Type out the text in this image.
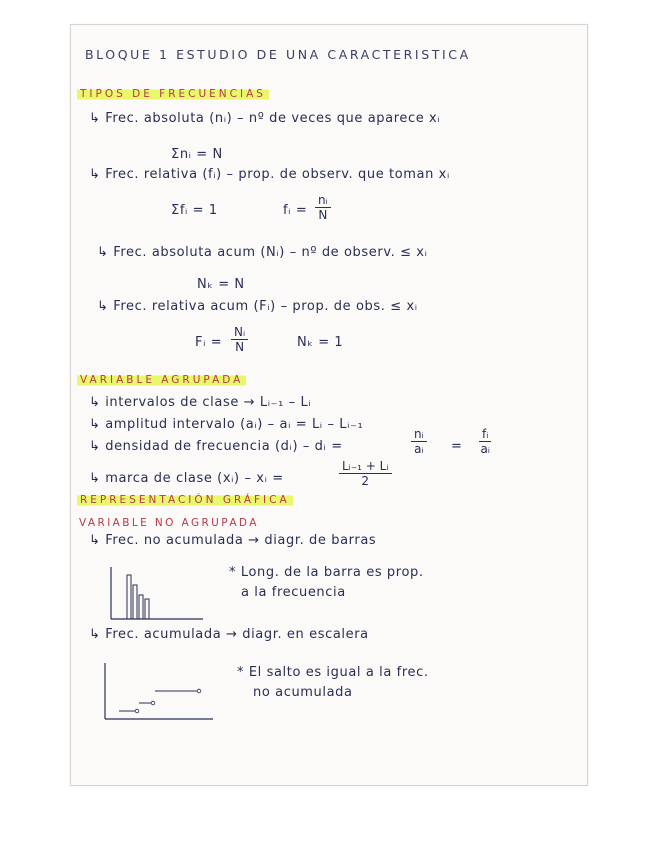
BLOQUE 1 ESTUDIO DE UNA CARACTERISTICA
TIPOS DE FRECUENCIAS
↳ Frec. absoluta (nᵢ) – nº de veces que aparece xᵢ
Σnᵢ = N
↳ Frec. relativa (fᵢ) – prop. de observ. que toman xᵢ
Σfᵢ = 1	fᵢ = $\frac{\text{nᵢ}}{N}$
↳ Frec. absoluta acum (Nᵢ) – nº de observ. ≤ xᵢ
Nₖ = N
↳ Frec. relativa acum (Fᵢ) – prop. de obs. ≤ xᵢ
Fᵢ = $\frac{\text{Nᵢ}}{N}$	Nₖ = 1
VARIABLE AGRUPADA
↳ intervalos de clase → Lᵢ₋₁ – Lᵢ
↳ amplitud intervalo (aᵢ) – aᵢ = Lᵢ – Lᵢ₋₁
↳ densidad de frecuencia (dᵢ) – dᵢ =	$\frac{\text{nᵢ}}{\text{aᵢ}} = \frac{\text{fᵢ}}{\text{aᵢ}}$
↳ marca de clase (xᵢ) – xᵢ =	$\frac{\text{Lᵢ₋₁ + Lᵢ}}{2}$
REPRESENTACIÓN GRÁFICA
VARIABLE NO AGRUPADA
↳ Frec. no acumulada → diagr. de barras
* Long. de la barra es prop.
a la frecuencia
↳ Frec. acumulada → diagr. en escalera
* El salto es igual a la frec.
no acumulada
